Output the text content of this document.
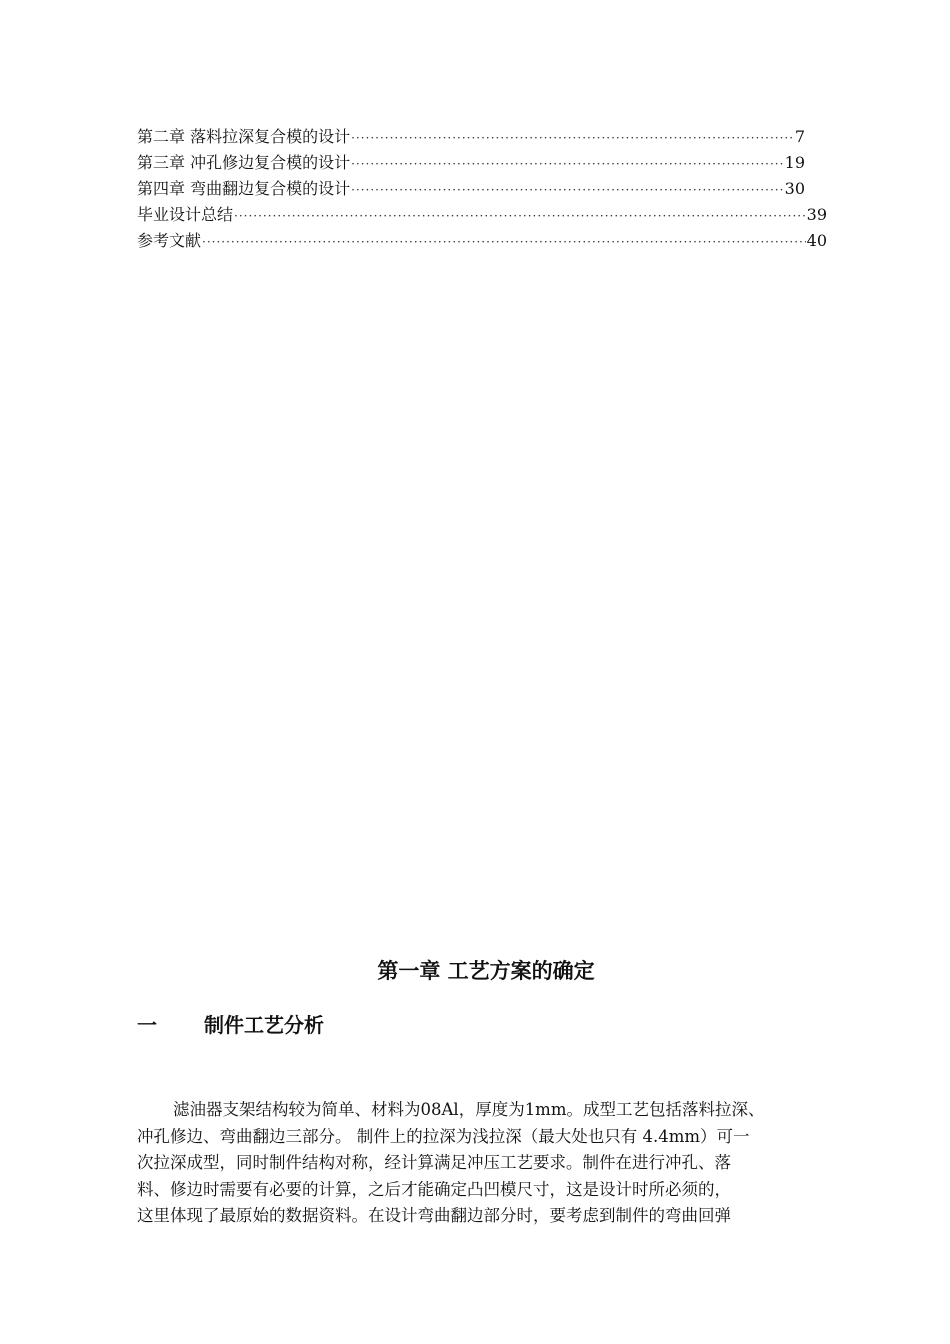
第二章 落料拉深复合模的设计 ·····	7
第三章 冲孔修边复合模的设计 ·····	19
第四章 弯曲翻边复合模的设计 ·····	30
毕业设计总结 ·····	39
参考文献 ·····	40
第一章 工艺方案的确定
一 制件工艺分析
滤油器支架结构较为简单、材料为08Al，厚度为1mm。成型工艺包括落料拉深、
冲孔修边、弯曲翻边三部分。 制件上的拉深为浅拉深（最大处也只有 4.4mm）可一
次拉深成型，同时制件结构对称，经计算满足冲压工艺要求。制件在进行冲孔、落
料、修边时需要有必要的计算，之后才能确定凸凹模尺寸，这是设计时所必须的，
这里体现了最原始的数据资料。在设计弯曲翻边部分时，要考虑到制件的弯曲回弹
